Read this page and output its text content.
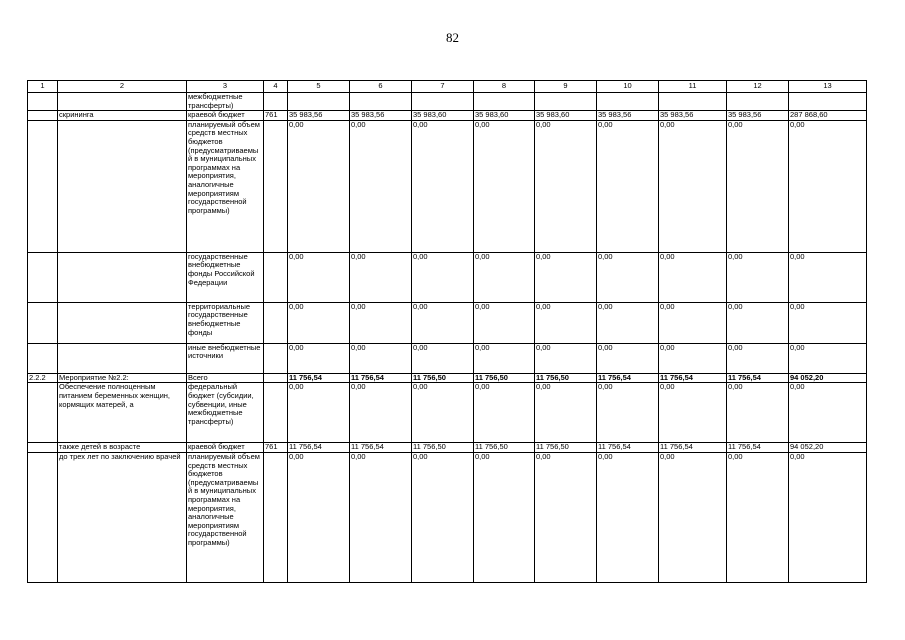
82
1	2	3	4	5	6	7	8	9	10	11	12	13
		межбюджетные трансферты)										
	скрининга	краевой бюджет	761	35 983,56	35 983,56	35 983,60	35 983,60	35 983,60	35 983,56	35 983,56	35 983,56	287 868,60
		планируемый объем средств местных бюджетов (предусматриваемый в муниципальных программах на мероприятия, аналогичные мероприятиям государственной программы)		0,00	0,00	0,00	0,00	0,00	0,00	0,00	0,00	0,00
		государственные внебюджетные фонды Российской Федерации		0,00	0,00	0,00	0,00	0,00	0,00	0,00	0,00	0,00
		территориальные государственные внебюджетные фонды		0,00	0,00	0,00	0,00	0,00	0,00	0,00	0,00	0,00
		иные внебюджетные источники		0,00	0,00	0,00	0,00	0,00	0,00	0,00	0,00	0,00
2.2.2	Мероприятие №2.2:	Всего		11 756,54	11 756,54	11 756,50	11 756,50	11 756,50	11 756,54	11 756,54	11 756,54	94 052,20
	Обеспечение полноценным питанием беременных женщин, кормящих матерей, а	федеральный бюджет (субсидии, субвенции, иные межбюджетные трансферты)		0,00	0,00	0,00	0,00	0,00	0,00	0,00	0,00	0,00
	также детей в возрасте	краевой бюджет	761	11 756,54	11 756,54	11 756,50	11 756,50	11 756,50	11 756,54	11 756,54	11 756,54	94 052,20
	до трех лет по заключению врачей	планируемый объем средств местных бюджетов (предусматриваемый в муниципальных программах на мероприятия, аналогичные мероприятиям государственной программы)		0,00	0,00	0,00	0,00	0,00	0,00	0,00	0,00	0,00
